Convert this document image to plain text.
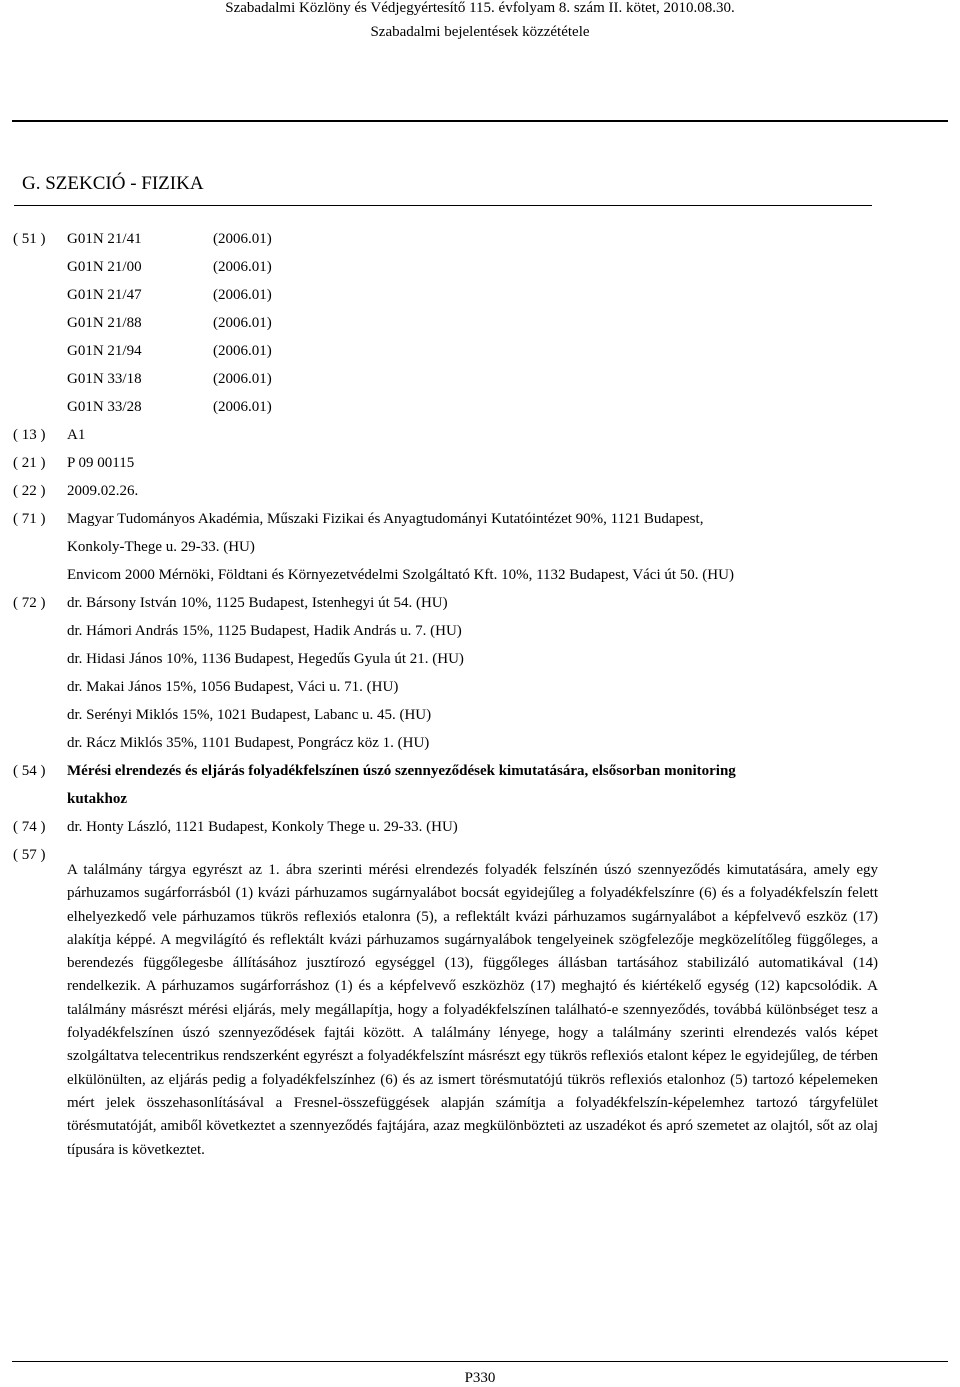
Szabadalmi Közlöny és Védjegyértesítő 115. évfolyam 8. szám II. kötet, 2010.08.30.
Szabadalmi bejelentések közzététele
G. SZEKCIÓ - FIZIKA
( 51 ) G01N 21/41	(2006.01)
G01N 21/00	(2006.01)
G01N 21/47	(2006.01)
G01N 21/88	(2006.01)
G01N 21/94	(2006.01)
G01N 33/18	(2006.01)
G01N 33/28	(2006.01)
( 13 ) A1
( 21 ) P 09 00115
( 22 ) 2009.02.26.
( 71 ) Magyar Tudományos Akadémia, Műszaki Fizikai és Anyagtudományi Kutatóintézet 90%, 1121 Budapest,
Konkoly-Thege u. 29-33. (HU)
Envicom 2000 Mérnöki, Földtani és Környezetvédelmi Szolgáltató Kft. 10%, 1132 Budapest, Váci út 50. (HU)
( 72 ) dr. Bársony István 10%, 1125 Budapest, Istenhegyi út 54. (HU)
dr. Hámori András 15%, 1125 Budapest, Hadik András u. 7. (HU)
dr. Hidasi János 10%, 1136 Budapest, Hegedűs Gyula út 21. (HU)
dr. Makai János 15%, 1056 Budapest, Váci u. 71. (HU)
dr. Serényi Miklós 15%, 1021 Budapest, Labanc u. 45. (HU)
dr. Rácz Miklós 35%, 1101 Budapest, Pongrácz köz 1. (HU)
( 54 ) Mérési elrendezés és eljárás folyadékfelszínen úszó szennyeződések kimutatására, elsősorban monitoring
kutakhoz
( 74 ) dr. Honty László, 1121 Budapest, Konkoly Thege u. 29-33. (HU)
( 57 )
A találmány tárgya egyrészt az 1. ábra szerinti mérési elrendezés folyadék felszínén úszó szennyeződés kimutatására, amely egy párhuzamos sugárforrásból (1) kvázi párhuzamos sugárnyalábot bocsát egyidejűleg a folyadékfelszínre (6) és a folyadékfelszín felett elhelyezkedő vele párhuzamos tükrös reflexiós etalonra (5), a reflektált kvázi párhuzamos sugárnyalábot a képfelvevő eszköz (17) alakítja képpé. A megvilágító és reflektált kvázi párhuzamos sugárnyalábok tengelyeinek szögfelezője megközelítőleg függőleges, a berendezés függőlegesbe állításához jusztírozó egységgel (13), függőleges állásban tartásához stabilizáló automatikával (14) rendelkezik. A párhuzamos sugárforráshoz (1) és a képfelvevő eszközhöz (17) meghajtó és kiértékelő egység (12) kapcsolódik. A találmány másrészt mérési eljárás, mely megállapítja, hogy a folyadékfelszínen található-e szennyeződés, továbbá különbséget tesz a folyadékfelszínen úszó szennyeződések fajtái között. A találmány lényege, hogy a találmány szerinti elrendezés valós képet szolgáltatva telecentrikus rendszerként egyrészt a folyadékfelszínt másrészt egy tükrös reflexiós etalont képez le egyidejűleg, de térben elkülönülten, az eljárás pedig a folyadékfelszínhez (6) és az ismert törésmutatójú tükrös reflexiós etalonhoz (5) tartozó képelemeken mért jelek összehasonlításával a Fresnel-összefüggések alapján számítja a folyadékfelszín-képelemhez tartozó tárgyfelület törésmutatóját, amiből következtet a szennyeződés fajtájára, azaz megkülönbözteti az uszadékot és apró szemetet az olajtól, sőt az olaj típusára is következtet.
P330
